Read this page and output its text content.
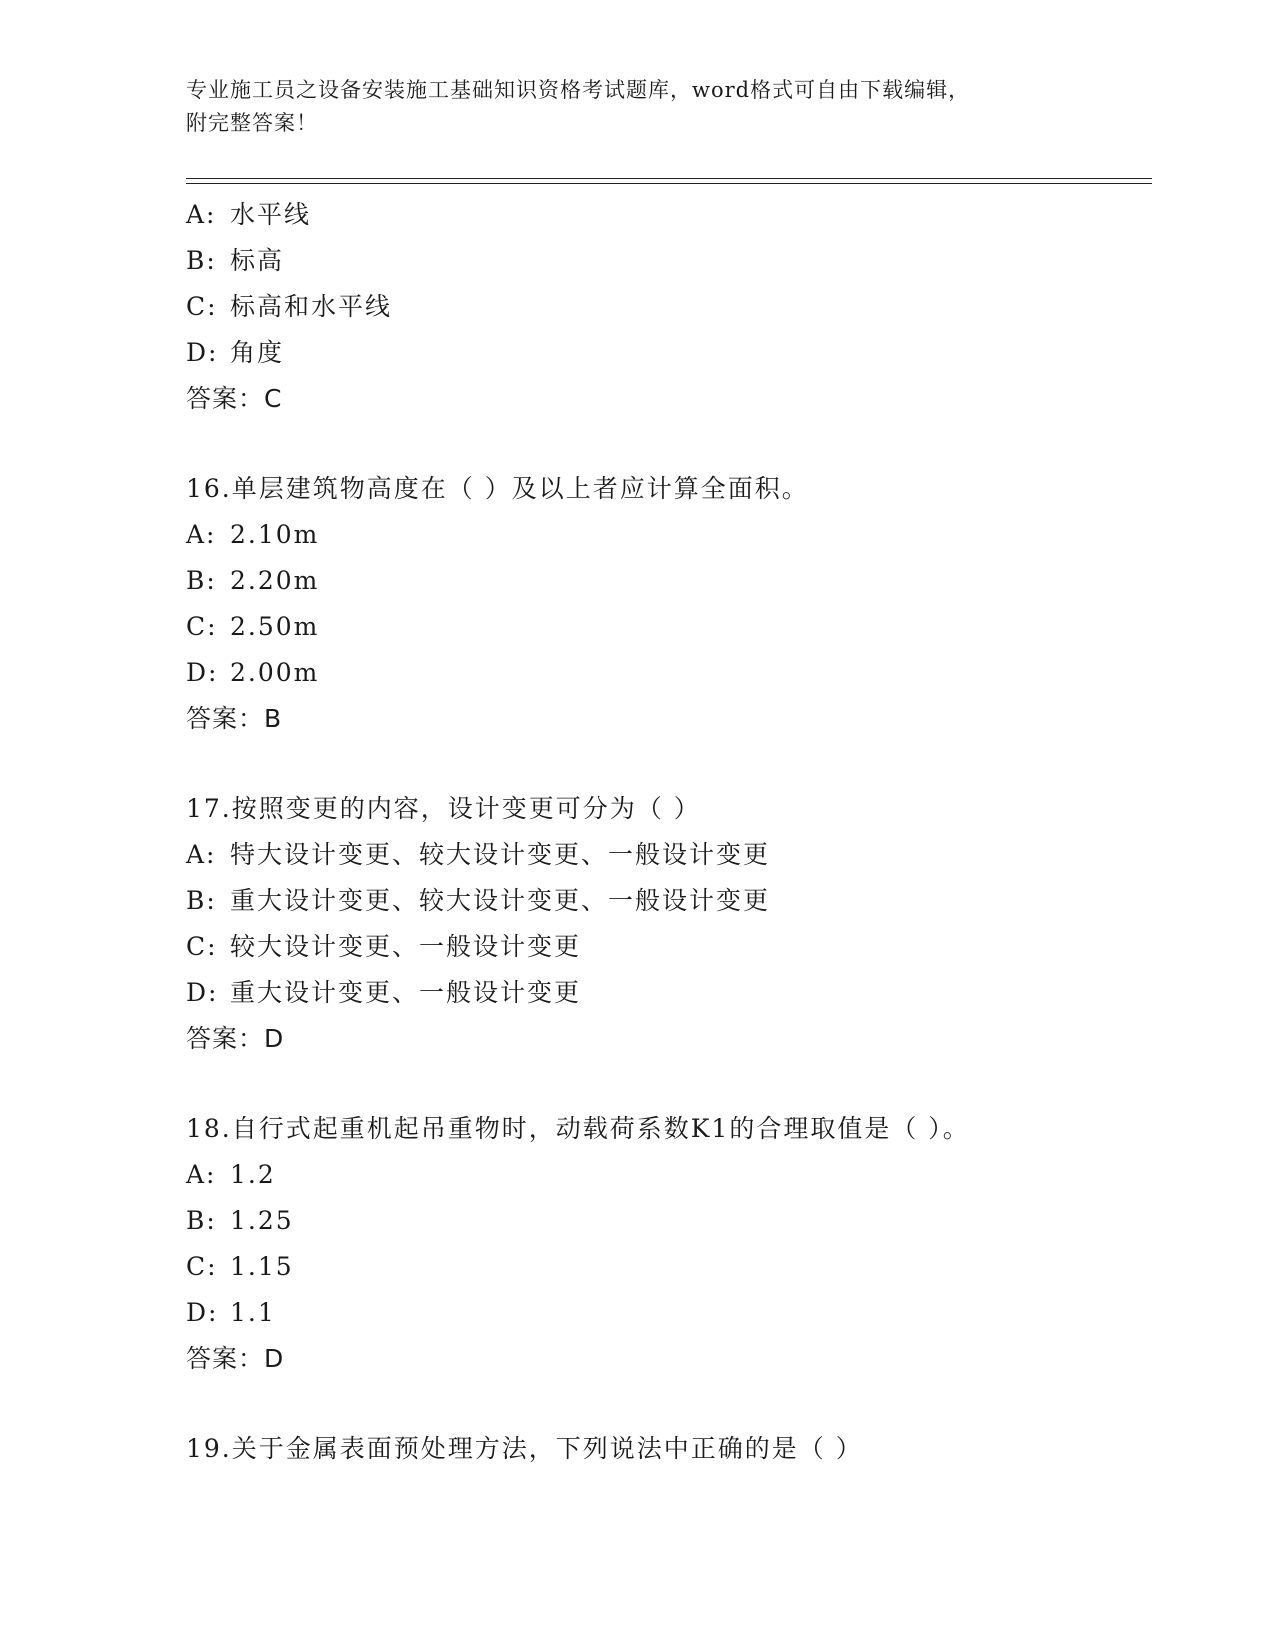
专业施工员之设备安装施工基础知识资格考试题库，word格式可自由下载编辑，
附完整答案！
A: 水平线
B: 标高
C: 标高和水平线
D: 角度
答案：C
16.单层建筑物高度在（ ）及以上者应计算全面积。
A: 2.10m
B: 2.20m
C: 2.50m
D: 2.00m
答案：B
17.按照变更的内容，设计变更可分为（ ）
A: 特大设计变更、较大设计变更、一般设计变更
B: 重大设计变更、较大设计变更、一般设计变更
C: 较大设计变更、一般设计变更
D: 重大设计变更、一般设计变更
答案：D
18.自行式起重机起吊重物时，动载荷系数K1的合理取值是（ ）。
A: 1.2
B: 1.25
C: 1.15
D: 1.1
答案：D
19.关于金属表面预处理方法，下列说法中正确的是（ ）
